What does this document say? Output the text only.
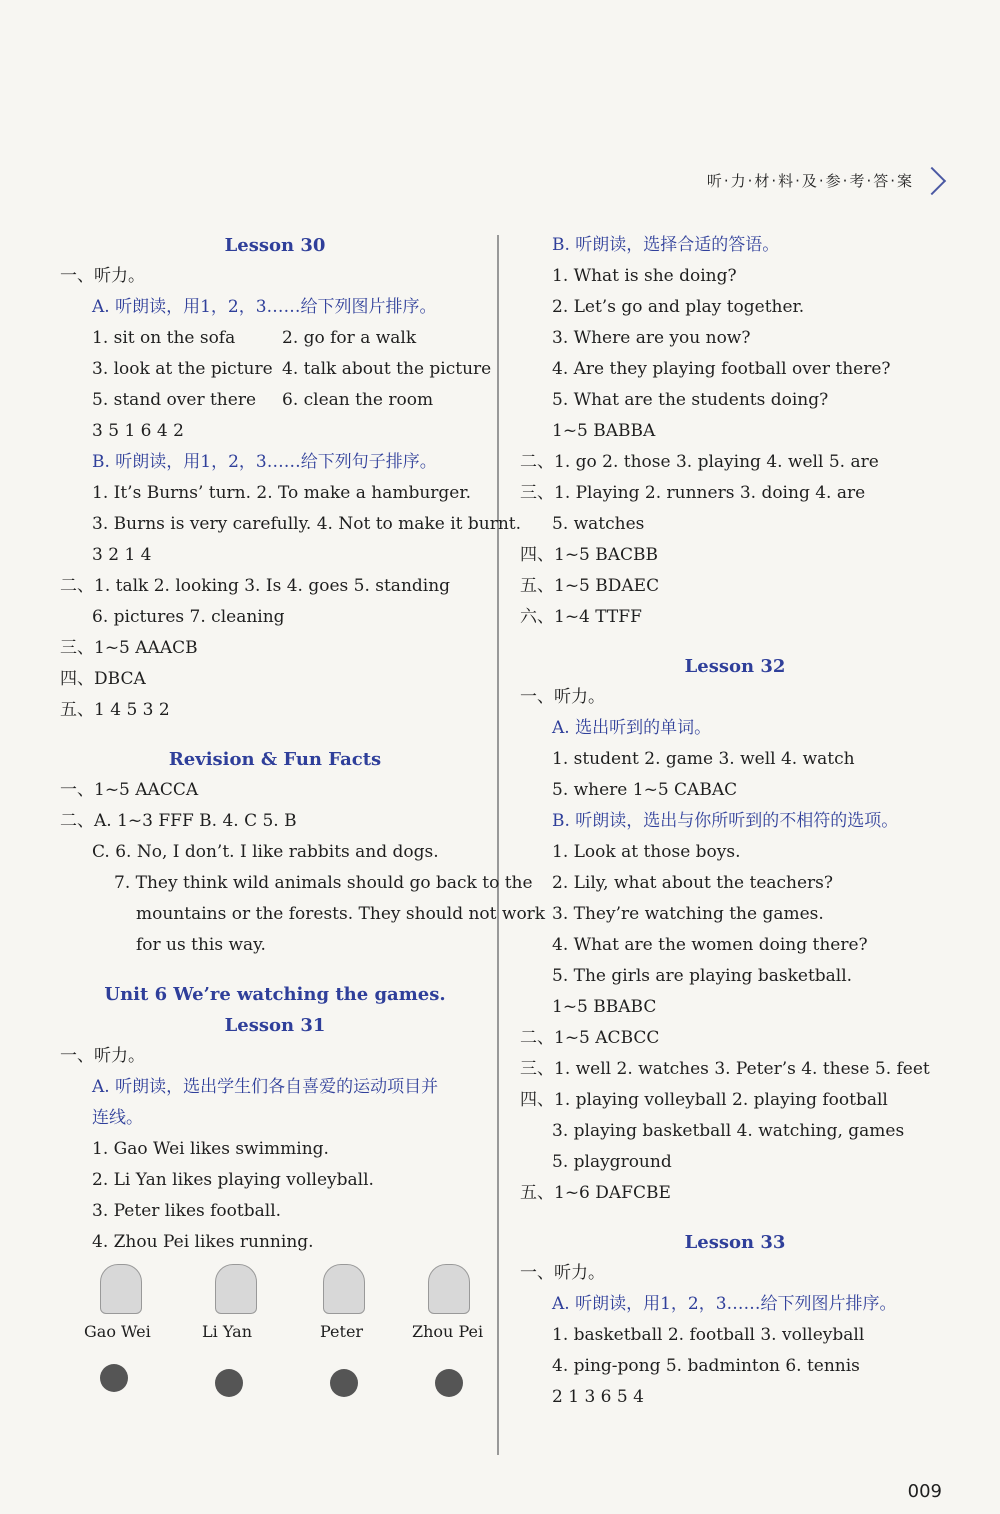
听·力·材·料·及·参·考·答·案

Lesson 30

一、听力。
A. 听朗读，用1，2，3……给下列图片排序。
1. sit on the sofa	2. go for a walk
3. look at the picture 4. talk about the picture
5. stand over there 6. clean the room
3 5 1 6 4 2
B. 听朗读，用1，2，3……给下列句子排序。
1. It’s Burns’ turn. 2. To make a hamburger.
3. Burns is very carefully. 4. Not to make it burnt.
3 2 1 4
二、1. talk 2. looking 3. Is 4. goes 5. standing
6. pictures 7. cleaning
三、1~5 AAACB
四、DBCA
五、1 4 5 3 2

Revision & Fun Facts

一、1~5 AACCA
二、A. 1~3 FFF B. 4. C 5. B
C. 6. No, I don’t. I like rabbits and dogs.
7. They think wild animals should go back to the
mountains or the forests. They should not work
for us this way.

Unit 6 We’re watching the games.

Lesson 31

一、听力。
A. 听朗读，选出学生们各自喜爱的运动项目并
连线。
1. Gao Wei likes swimming.
2. Li Yan likes playing volleyball.
3. Peter likes football.
4. Zhou Pei likes running.
Gao Wei	Li Yan	Peter	Zhou Pei
B. 听朗读，选择合适的答语。
1. What is she doing?
2. Let’s go and play together.
3. Where are you now?
4. Are they playing football over there?
5. What are the students doing?
1~5 BABBA
二、1. go 2. those 3. playing 4. well 5. are
三、1. Playing 2. runners 3. doing 4. are
5. watches
四、1~5 BACBB
五、1~5 BDAEC
六、1~4 TTFF

Lesson 32

一、听力。
A. 选出听到的单词。
1. student 2. game 3. well 4. watch
5. where 1~5 CABAC
B. 听朗读，选出与你所听到的不相符的选项。
1. Look at those boys.
2. Lily, what about the teachers?
3. They’re watching the games.
4. What are the women doing there?
5. The girls are playing basketball.
1~5 BBABC
二、1~5 ACBCC
三、1. well 2. watches 3. Peter’s 4. these 5. feet
四、1. playing volleyball 2. playing football
3. playing basketball 4. watching, games
5. playground
五、1~6 DAFCBE

Lesson 33

一、听力。
A. 听朗读，用1，2，3……给下列图片排序。
1. basketball 2. football 3. volleyball
4. ping-pong 5. badminton 6. tennis
2 1 3 6 5 4
009
